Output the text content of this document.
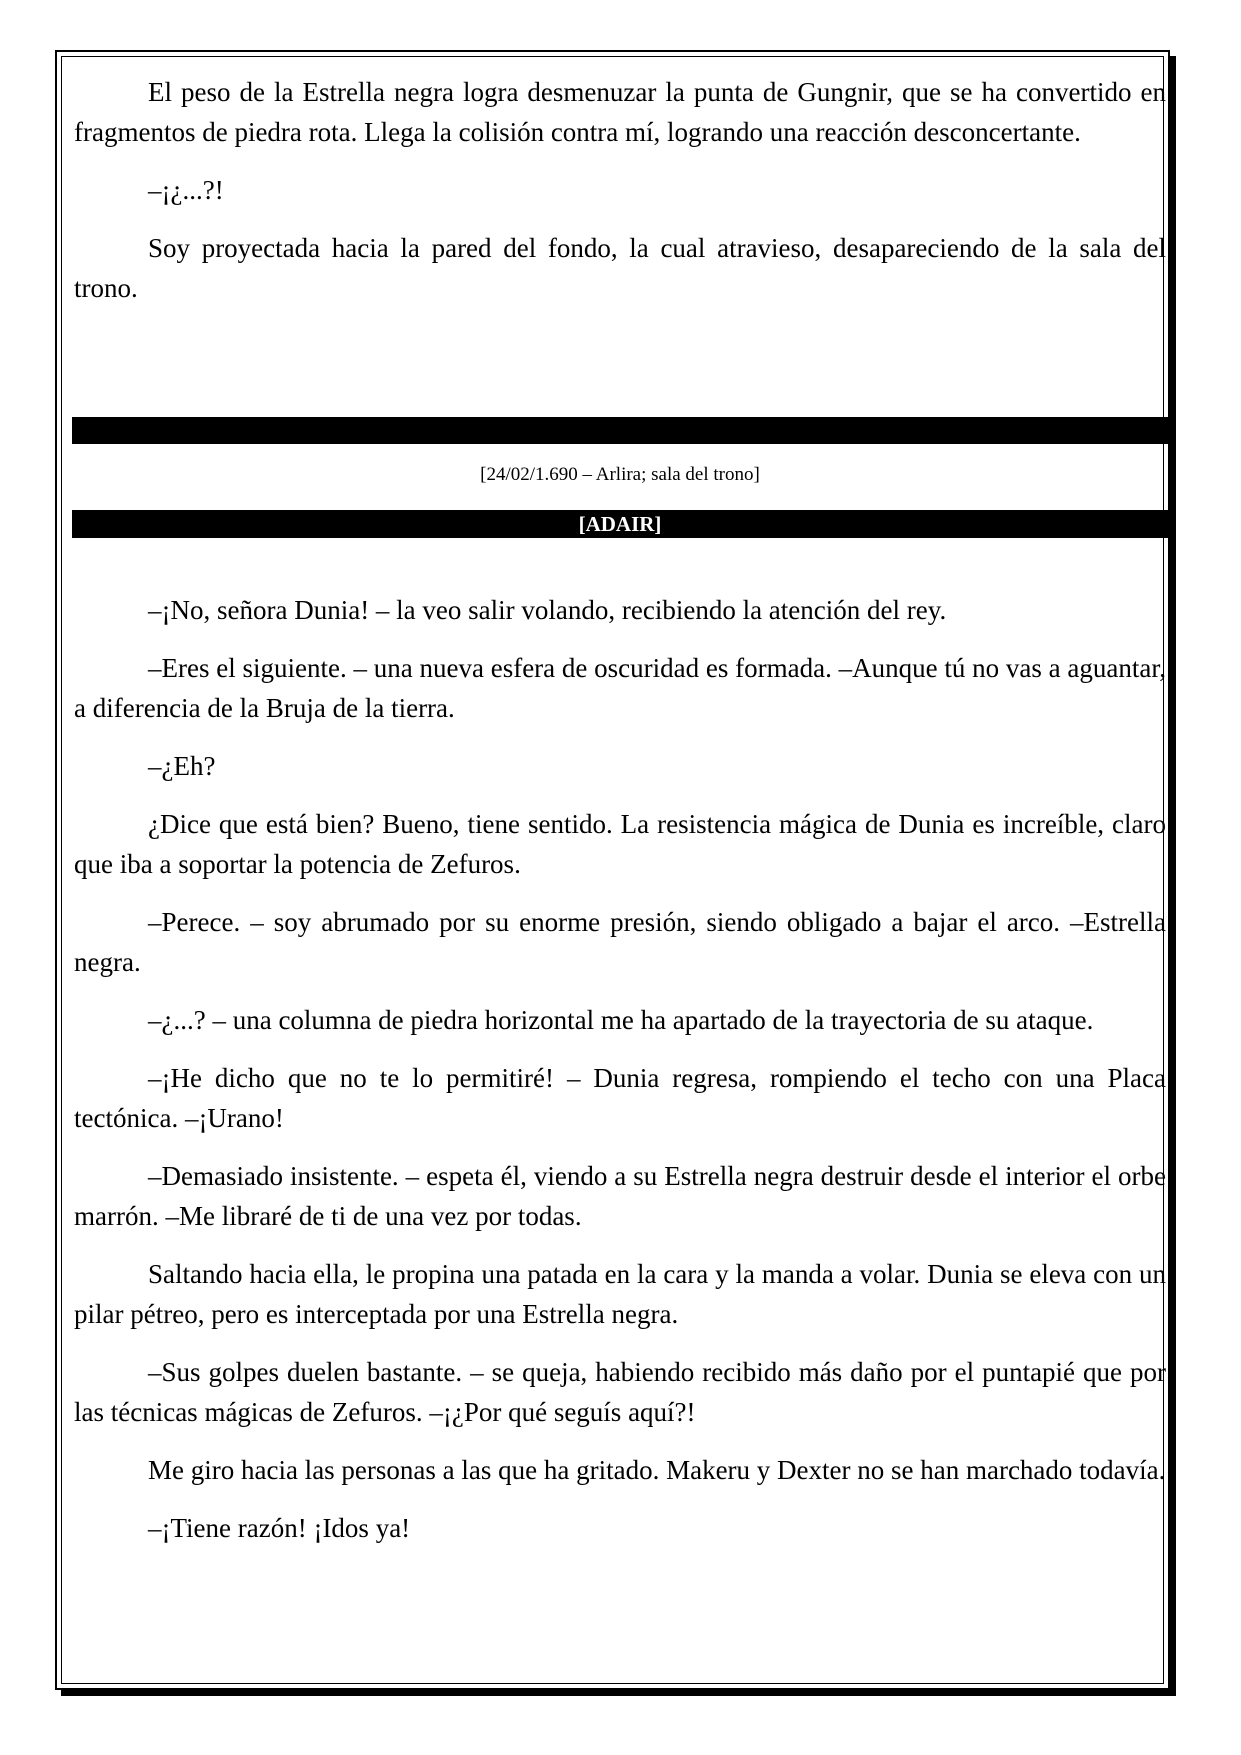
El peso de la Estrella negra logra desmenuzar la punta de Gungnir, que se ha convertido en fragmentos de piedra rota. Llega la colisión contra mí, logrando una reacción desconcertante.

–¡¿...?!

Soy proyectada hacia la pared del fondo, la cual atravieso, desapareciendo de la sala del trono.

[24/02/1.690 – Arlira; sala del trono]
[ADAIR]

–¡No, señora Dunia! – la veo salir volando, recibiendo la atención del rey.

–Eres el siguiente. – una nueva esfera de oscuridad es formada. –Aunque tú no vas a aguantar, a diferencia de la Bruja de la tierra.

–¿Eh?

¿Dice que está bien? Bueno, tiene sentido. La resistencia mágica de Dunia es increíble, claro que iba a soportar la potencia de Zefuros.

–Perece. – soy abrumado por su enorme presión, siendo obligado a bajar el arco. –Estrella negra.

–¿...? – una columna de piedra horizontal me ha apartado de la trayectoria de su ataque.

–¡He dicho que no te lo permitiré! – Dunia regresa, rompiendo el techo con una Placa tectónica. –¡Urano!

–Demasiado insistente. – espeta él, viendo a su Estrella negra destruir desde el interior el orbe marrón. –Me libraré de ti de una vez por todas.

Saltando hacia ella, le propina una patada en la cara y la manda a volar. Dunia se eleva con un pilar pétreo, pero es interceptada por una Estrella negra.

–Sus golpes duelen bastante. – se queja, habiendo recibido más daño por el puntapié que por las técnicas mágicas de Zefuros. –¡¿Por qué seguís aquí?!

Me giro hacia las personas a las que ha gritado. Makeru y Dexter no se han marchado todavía.

–¡Tiene razón! ¡Idos ya!
